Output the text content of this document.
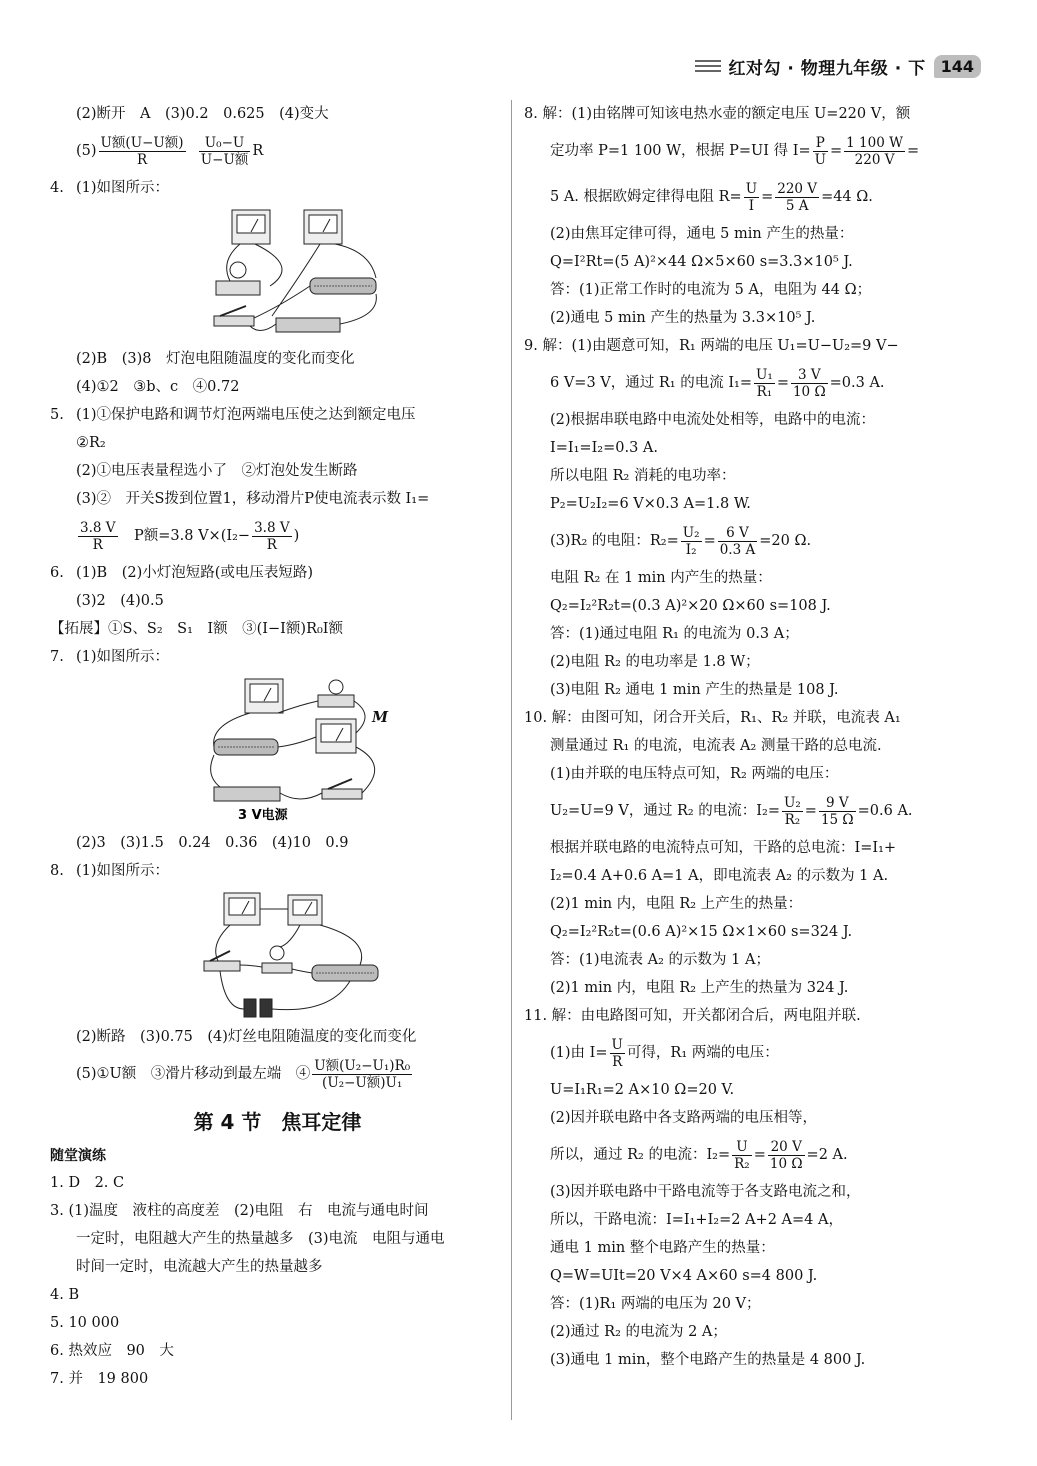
红对勾 · 物理九年级 · 下 144
(2)断开　A　(3)0.2　0.625　(4)变大
$(5) \frac{\text{U额(U−U额)}}{R}$
$\frac{\text{U₀−U}}{\text{U−U额}}$ R
4. (1)如图所示：
(2)B　(3)8　灯泡电阻随温度的变化而变化
(4)①2　③b、c　④0.72
5. (1)①保护电路和调节灯泡两端电压使之达到额定电压
②R₂
(2)①电压表量程选小了　②灯泡处发生断路
(3)②　开关S拨到位置1，移动滑片P使电流表示数 I₁=
$\frac{3.8 V}{R}$ 　P额=3.8 $V\times(I_2- \frac{3.8 V}{R}$ )
6. (1)B　(2)小灯泡短路(或电压表短路)
(3)2　(4)0.5
【拓展】①S、S₂　S₁　I额　③(I−I额)R₀I额
7. (1)如图所示：
3 V电源
M
(2)3　(3)1.5　0.24　0.36　(4)10　0.9
8. (1)如图所示：
(2)断路　(3)0.75　(4)灯丝电阻随温度的变化而变化
(5)①U额　③滑片移动到最左端　④ $\frac{\text{U额(U₂−U₁)R₀}}{\text{(U₂−U额)U₁}}$
第 4 节　焦耳定律
随堂演练
1. D　2. C
3. (1)温度　液柱的高度差　(2)电阻　右　电流与通电时间
一定时，电阻越大产生的热量越多　(3)电流　电阻与通电
时间一定时，电流越大产生的热量越多
4. B
5. 10 000
6. 热效应　90　大
7. 并　19 800
8. 解：(1)由铭牌可知该电热水壶的额定电压 U=220 V，额
定功率 P=1 100 W，根据 P=UI 得 $I= \frac{P}{U} = \frac{1 100 W}{220 V}$ =
5 A. 根据欧姆定律得电阻 $R= \frac{U}{I} = \frac{220 V}{5 A} =44$ Ω.
(2)由焦耳定律可得，通电 5 min 产生的热量：
Q=I²Rt=(5 A)²×44 Ω×5×60 s=3.3×10⁵ J.
答：(1)正常工作时的电流为 5 A，电阻为 44 Ω；
(2)通电 5 min 产生的热量为 3.3×10⁵ J.
9. 解：(1)由题意可知，R₁ 两端的电压 U₁=U−U₂=9 V−
6 V=3 V，通过 R₁ 的电流 $I_1= \frac{\text{U₁}}{\text{R₁}} = \frac{3 V}{10 \Omega} =0.3$ A.
(2)根据串联电路中电流处处相等，电路中的电流：
I=I₁=I₂=0.3 A.
所以电阻 R₂ 消耗的电功率：
P₂=U₂I₂=6 V×0.3 A=1.8 W.
(3)R₂ 的电阻：$R_2= \frac{\text{U₂}}{\text{I₂}} = \frac{6 V}{0.3 A} =20$ Ω.
电阻 R₂ 在 1 min 内产生的热量：
Q₂=I₂²R₂t=(0.3 A)²×20 Ω×60 s=108 J.
答：(1)通过电阻 R₁ 的电流为 0.3 A；
(2)电阻 R₂ 的电功率是 1.8 W；
(3)电阻 R₂ 通电 1 min 产生的热量是 108 J.
10. 解：由图可知，闭合开关后，R₁、R₂ 并联，电流表 A₁
测量通过 R₁ 的电流，电流表 A₂ 测量干路的总电流.
(1)由并联的电压特点可知，R₂ 两端的电压：
U₂=U=9 V，通过 R₂ 的电流：$I_2= \frac{\text{U₂}}{\text{R₂}} = \frac{9 V}{15 \Omega} =0.6$ A.
根据并联电路的电流特点可知，干路的总电流：I=I₁+
I₂=0.4 A+0.6 A=1 A，即电流表 A₂ 的示数为 1 A.
(2)1 min 内，电阻 R₂ 上产生的热量：
Q₂=I₂²R₂t=(0.6 A)²×15 Ω×1×60 s=324 J.
答：(1)电流表 A₂ 的示数为 1 A；
(2)1 min 内，电阻 R₂ 上产生的热量为 324 J.
11. 解：由电路图可知，开关都闭合后，两电阻并联.
(1)由 $I= \frac{U}{R}$ 可得，R₁ 两端的电压：
U=I₁R₁=2 A×10 Ω=20 V.
(2)因并联电路中各支路两端的电压相等，
所以，通过 R₂ 的电流：$I_2= \frac{U}{\text{R₂}} = \frac{20 V}{10 \Omega} =2$ A.
(3)因并联电路中干路电流等于各支路电流之和，
所以，干路电流：I=I₁+I₂=2 A+2 A=4 A，
通电 1 min 整个电路产生的热量：
Q=W=UIt=20 V×4 A×60 s=4 800 J.
答：(1)R₁ 两端的电压为 20 V；
(2)通过 R₂ 的电流为 2 A；
(3)通电 1 min，整个电路产生的热量是 4 800 J.
